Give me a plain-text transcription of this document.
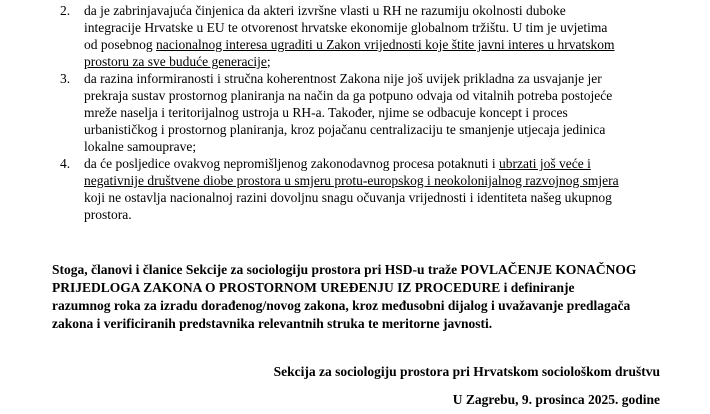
2.	da je zabrinjavajuća činjenica da akteri izvršne vlasti u RH ne razumiju okolnosti duboke
integracije Hrvatske u EU te otvorenost hrvatske ekonomije globalnom tržištu. U tim je uvjetima
od posebnog nacionalnog interesa ugraditi u Zakon vrijednosti koje štite javni interes u hrvatskom
prostoru za sve buduće generacije;
3.	da razina informiranosti i stručna koherentnost Zakona nije još uvijek prikladna za usvajanje jer
prekraja sustav prostornog planiranja na način da ga potpuno odvaja od vitalnih potreba postojeće
mreže naselja i teritorijalnog ustroja u RH-a. Također, njime se odbacuje koncept i proces
urbanističkog i prostornog planiranja, kroz pojačanu centralizaciju te smanjenje utjecaja jedinica
lokalne samouprave;
4.	da će posljedice ovakvog nepromišljenog zakonodavnog procesa potaknuti i ubrzati još veće i
negativnije društvene diobe prostora u smjeru protu-europskog i neokolonijalnog razvojnog smjera
koji ne ostavlja nacionalnoj razini dovoljnu snagu očuvanja vrijednosti i identiteta našeg ukupnog
prostora.
Stoga, članovi i članice Sekcije za sociologiju prostora pri HSD-u traže POVLAČENJE KONAČNOG
PRIJEDLOGA ZAKONA O PROSTORNOM UREĐENJU IZ PROCEDURE i definiranje
razumnog roka za izradu dorađenog/novog zakona, kroz međusobni dijalog i uvažavanje predlagača
zakona i verificiranih predstavnika relevantnih struka te meritorne javnosti.
Sekcija za sociologiju prostora pri Hrvatskom sociološkom društvu
U Zagrebu, 9. prosinca 2025. godine
